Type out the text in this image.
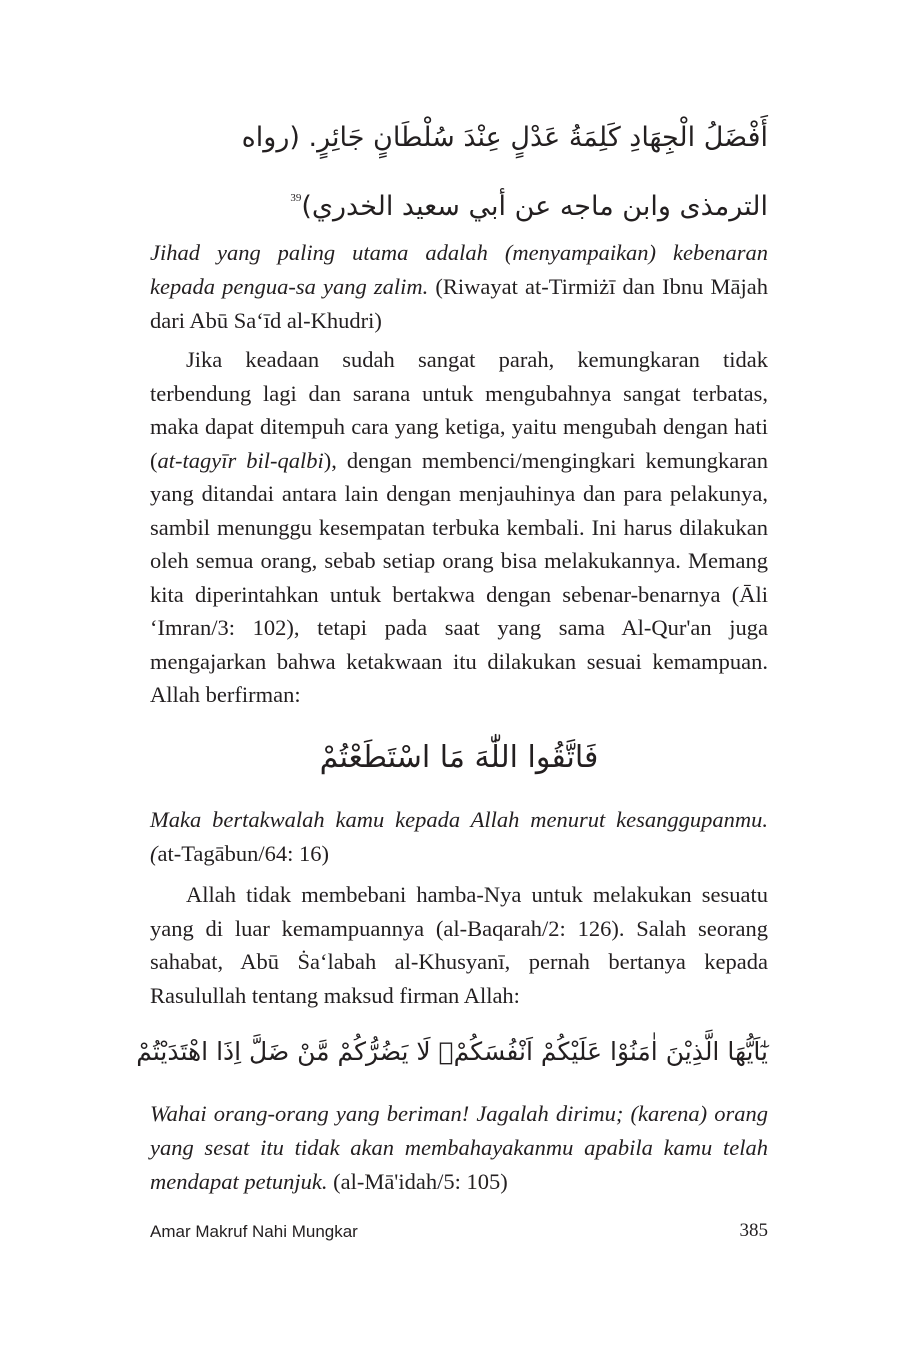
أَفْضَلُ الْجِهَادِ كَلِمَةُ عَدْلٍ عِنْدَ سُلْطَانٍ جَائِرٍ. (رواه الترمذى وابن ماجه عن أبي سعيد الخدري)$^{39}$
Jihad yang paling utama adalah (menyampaikan) kebenaran kepada pengua-sa yang zalim. (Riwayat at-Tirmiżī dan Ibnu Mājah dari Abū Sa‘īd al-Khudri)

Jika keadaan sudah sangat parah, kemungkaran tidak terbendung lagi dan sarana untuk mengubahnya sangat terbatas, maka dapat ditempuh cara yang ketiga, yaitu mengubah dengan hati (at-tagyīr bil-qalbi), dengan membenci/mengingkari kemungkaran yang ditandai antara lain dengan menjauhinya dan para pelakunya, sambil menunggu kesempatan terbuka kembali. Ini harus dilakukan oleh semua orang, sebab setiap orang bisa melakukannya. Memang kita diperintahkan untuk bertakwa dengan sebenar-benarnya (Āli ‘Imran/3: 102), tetapi pada saat yang sama Al-Qur'an juga mengajarkan bahwa ketakwaan itu dilakukan sesuai kemampuan. Allah berfirman:

فَاتَّقُوا اللّٰهَ مَا اسْتَطَعْتُمْ
Maka bertakwalah kamu kepada Allah menurut kesanggupanmu. (at-Tagābun/64: 16)

Allah tidak membebani hamba-Nya untuk melakukan sesuatu yang di luar kemampuannya (al-Baqarah/2: 126). Salah seorang sahabat, Abū Ṡa‘labah al-Khusyanī, pernah bertanya kepada Rasulullah tentang maksud firman Allah:

يٰٓاَيُّهَا الَّذِيْنَ اٰمَنُوْا عَلَيْكُمْ اَنْفُسَكُمْۚ لَا يَضُرُّكُمْ مَّنْ ضَلَّ اِذَا اهْتَدَيْتُمْ
Wahai orang-orang yang beriman! Jagalah dirimu; (karena) orang yang sesat itu tidak akan membahayakanmu apabila kamu telah mendapat petunjuk. (al-Mā'idah/5: 105)
Amar Makruf Nahi Mungkar	385
